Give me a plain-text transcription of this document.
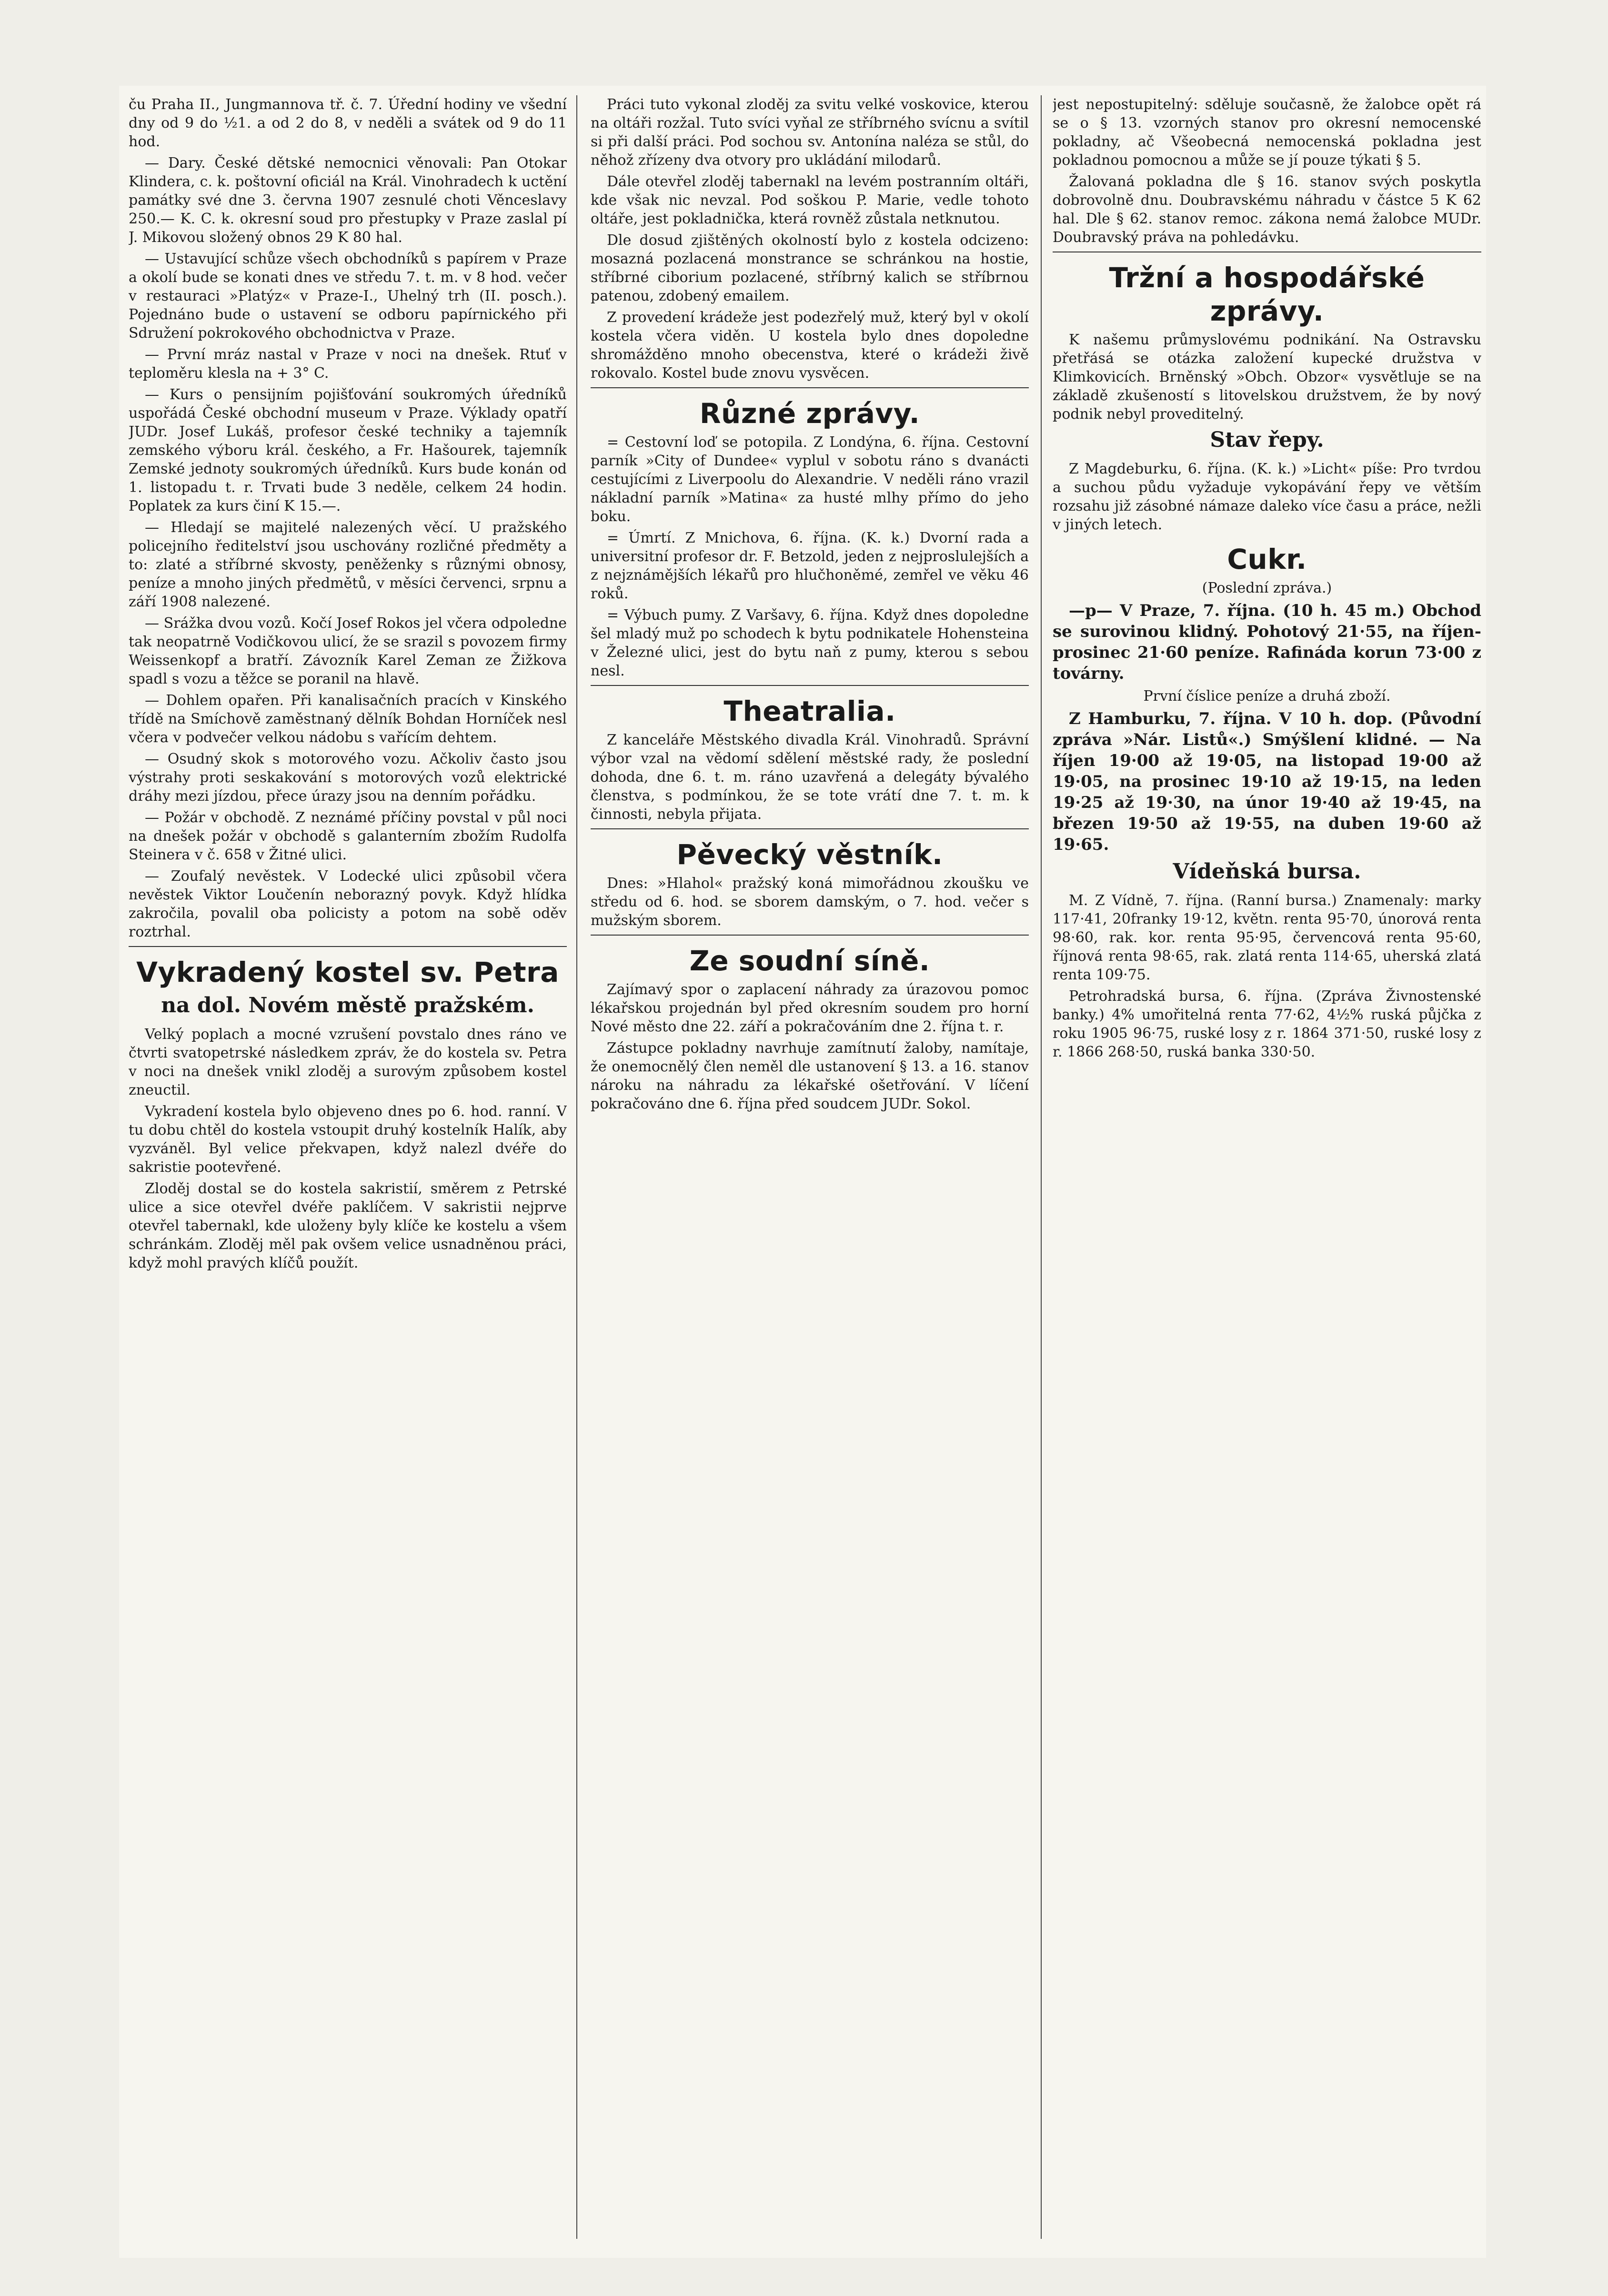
ču Praha II., Jungmannova tř. č. 7. Úřední hodiny ve všední dny od 9 do ½1. a od 2 do 8, v neděli a svátek od 9 do 11 hod.

— Dary. České dětské nemocnici věnovali: Pan Otokar Klindera, c. k. poštovní oficiál na Král. Vinohradech k uctění památky své dne 3. června 1907 zesnulé choti Věnceslavy 250.— K. C. k. okresní soud pro přestupky v Praze zaslal pí J. Mikovou složený obnos 29 K 80 hal.

— Ustavující schůze všech obchodníků s papírem v Praze a okolí bude se konati dnes ve středu 7. t. m. v 8 hod. večer v restauraci »Platýz« v Praze-I., Uhelný trh (II. posch.). Pojednáno bude o ustavení se odboru papírnického při Sdružení pokrokového obchodnictva v Praze.

— První mráz nastal v Praze v noci na dnešek. Rtuť v teploměru klesla na + 3° C.

— Kurs o pensijním pojišťování soukromých úředníků uspořádá České obchodní museum v Praze. Výklady opatří JUDr. Josef Lukáš, profesor české techniky a tajemník zemského výboru král. českého, a Fr. Hašourek, tajemník Zemské jednoty soukromých úředníků. Kurs bude konán od 1. listopadu t. r. Trvati bude 3 neděle, celkem 24 hodin. Poplatek za kurs činí K 15.—.

— Hledají se majitelé nalezených věcí. U pražského policejního ředitelství jsou uschovány rozličné předměty a to: zlaté a stříbrné skvosty, peněženky s různými obnosy, peníze a mnoho jiných předmětů, v měsíci červenci, srpnu a září 1908 nalezené.

— Srážka dvou vozů. Kočí Josef Rokos jel včera odpoledne tak neopatrně Vodičkovou ulicí, že se srazil s povozem firmy Weissenkopf a bratří. Závozník Karel Zeman ze Žižkova spadl s vozu a těžce se poranil na hlavě.

— Dohlem opařen. Při kanalisačních pracích v Kinského třídě na Smíchově zaměstnaný dělník Bohdan Horníček nesl včera v podvečer velkou nádobu s vařícím dehtem.

— Osudný skok s motorového vozu. Ačkoliv často jsou výstrahy proti seskakování s motorových vozů elektrické dráhy mezi jízdou, přece úrazy jsou na denním pořádku.

— Požár v obchodě. Z neznámé příčiny povstal v půl noci na dnešek požár v obchodě s galanterním zbožím Rudolfa Steinera v č. 658 v Žitné ulici.

— Zoufalý nevěstek. V Lodecké ulici způsobil včera nevěstek Viktor Loučenín neborazný povyk. Když hlídka zakročila, povalil oba policisty a potom na sobě oděv roztrhal.

Vykradený kostel sv. Petra
na dol. Novém městě pražském.

Velký poplach a mocné vzrušení povstalo dnes ráno ve čtvrti svatopetrské následkem zpráv, že do kostela sv. Petra v noci na dnešek vnikl zloděj a surovým způsobem kostel zneuctil.

Vykradení kostela bylo objeveno dnes po 6. hod. ranní. V tu dobu chtěl do kostela vstoupit druhý kostelník Halík, aby vyzváněl. Byl velice překvapen, když nalezl dvéře do sakristie pootevřené.

Zloděj dostal se do kostela sakristií, směrem z Petrské ulice a sice otevřel dvéře paklíčem. V sakristii nejprve otevřel tabernakl, kde uloženy byly klíče ke kostelu a všem schránkám. Zloděj měl pak ovšem velice usnadněnou práci, když mohl pravých klíčů použít.

Práci tuto vykonal zloděj za svitu velké voskovice, kterou na oltáři rozžal. Tuto svíci vyňal ze stříbrného svícnu a svítil si při další práci. Pod sochou sv. Antonína naléza se stůl, do něhož zřízeny dva otvory pro ukládání milodarů.

Dále otevřel zloděj tabernakl na levém postranním oltáři, kde však nic nevzal. Pod soškou P. Marie, vedle tohoto oltáře, jest pokladnička, která rovněž zůstala netknutou.

Dle dosud zjištěných okolností bylo z kostela odcizeno: mosazná pozlacená monstrance se schránkou na hostie, stříbrné ciborium pozlacené, stříbrný kalich se stříbrnou patenou, zdobený emailem.

Z provedení krádeže jest podezřelý muž, který byl v okolí kostela včera viděn. U kostela bylo dnes dopoledne shromážděno mnoho obecenstva, které o krádeži živě rokovalo. Kostel bude znovu vysvěcen.

Různé zprávy.

= Cestovní loď se potopila. Z Londýna, 6. října. Cestovní parník »City of Dundee« vyplul v sobotu ráno s dvanácti cestujícími z Liverpoolu do Alexandrie. V neděli ráno vrazil nákladní parník »Matina« za husté mlhy přímo do jeho boku.

= Úmrtí. Z Mnichova, 6. října. (K. k.) Dvorní rada a universitní profesor dr. F. Betzold, jeden z nejproslulejších a z nejznámějších lékařů pro hlučhoněmé, zemřel ve věku 46 roků.

= Výbuch pumy. Z Varšavy, 6. října. Když dnes dopoledne šel mladý muž po schodech k bytu podnikatele Hohensteina v Železné ulici, jest do bytu naň z pumy, kterou s sebou nesl.

Theatralia.

Z kanceláře Městského divadla Král. Vinohradů. Správní výbor vzal na vědomí sdělení městské rady, že poslední dohoda, dne 6. t. m. ráno uzavřená a delegáty bývalého členstva, s podmínkou, že se tote vrátí dne 7. t. m. k činnosti, nebyla přijata.

Pěvecký věstník.

Dnes: »Hlahol« pražský koná mimořádnou zkoušku ve středu od 6. hod. se sborem damským, o 7. hod. večer s mužským sborem.

Ze soudní síně.

Zajímavý spor o zaplacení náhrady za úrazovou pomoc lékařskou projednán byl před okresním soudem pro horní Nové město dne 22. září a pokračováním dne 2. října t. r.

Zástupce pokladny navrhuje zamítnutí žaloby, namítaje, že onemocnělý člen neměl dle ustanovení § 13. a 16. stanov nároku na náhradu za lékařské ošetřování. V líčení pokračováno dne 6. října před soudcem JUDr. Sokol.

jest nepostupitelný: sděluje současně, že žalobce opět rá se o § 13. vzorných stanov pro okresní nemocenské pokladny, ač Všeobecná nemocenská pokladna jest pokladnou pomocnou a může se jí pouze týkati § 5.

Žalovaná pokladna dle § 16. stanov svých poskytla dobrovolně dnu. Doubravskému náhradu v částce 5 K 62 hal. Dle § 62. stanov remoc. zákona nemá žalobce MUDr. Doubravský práva na pohledávku.

Tržní a hospodářské zprávy.

K našemu průmyslovému podnikání. Na Ostravsku přetřásá se otázka založení kupecké družstva v Klimkovicích. Brněnský »Obch. Obzor« vysvětluje se na základě zkušeností s litovelskou družstvem, že by nový podnik nebyl proveditelný.

Stav řepy.

Z Magdeburku, 6. října. (K. k.) »Licht« píše: Pro tvrdou a suchou půdu vyžaduje vykopávání řepy ve větším rozsahu již zásobné námaze daleko více času a práce, nežli v jiných letech.

Cukr.

(Poslední zpráva.)

—p— V Praze, 7. října. (10 h. 45 m.) Obchod se surovinou klidný. Pohotový 21·55, na říjen-prosinec 21·60 peníze. Rafináda korun 73·00 z továrny.

První číslice peníze a druhá zboží.

Z Hamburku, 7. října. V 10 h. dop. (Původní zpráva »Nár. Listů«.) Smýšlení klidné. — Na říjen 19·00 až 19·05, na listopad 19·00 až 19·05, na prosinec 19·10 až 19·15, na leden 19·25 až 19·30, na únor 19·40 až 19·45, na březen 19·50 až 19·55, na duben 19·60 až 19·65.

Vídeňská bursa.

M. Z Vídně, 7. října. (Ranní bursa.) Znamenaly: marky 117·41, 20franky 19·12, květn. renta 95·70, únorová renta 98·60, rak. kor. renta 95·95, červencová renta 95·60, říjnová renta 98·65, rak. zlatá renta 114·65, uherská zlatá renta 109·75.

Petrohradská bursa, 6. října. (Zpráva Živnostenské banky.) 4% umořitelná renta 77·62, 4½% ruská půjčka z roku 1905 96·75, ruské losy z r. 1864 371·50, ruské losy z r. 1866 268·50, ruská banka 330·50.
